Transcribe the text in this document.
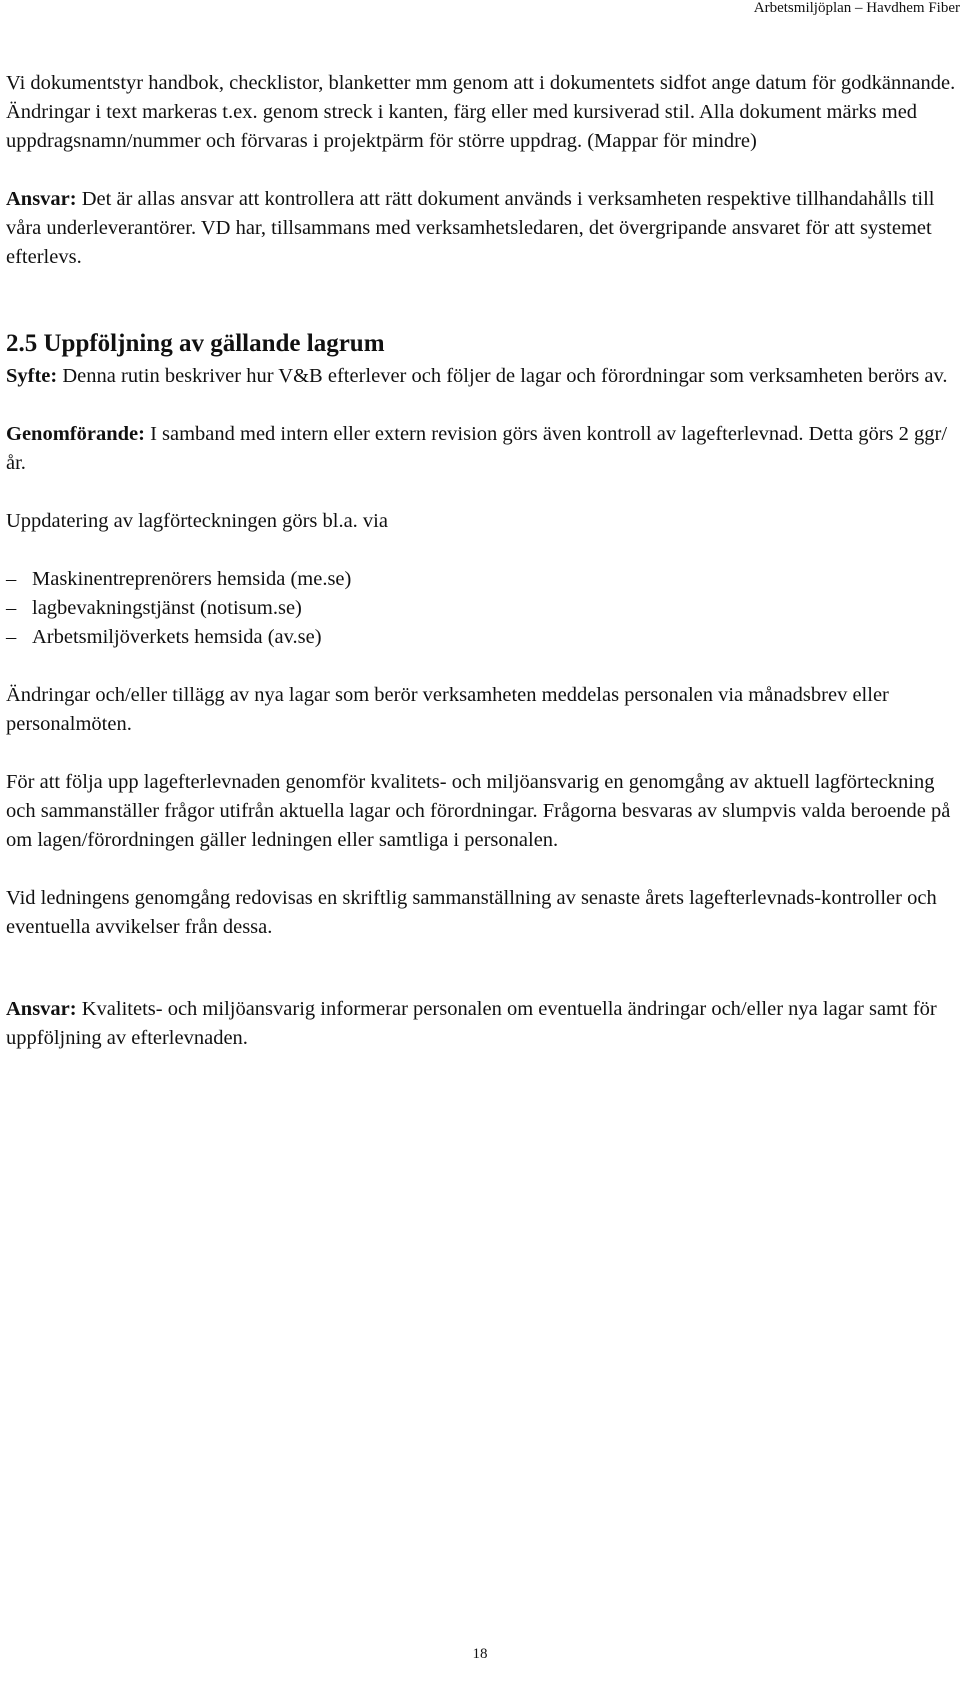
Arbetsmiljöplan – Havdhem Fiber

Vi dokumentstyr handbok, checklistor, blanketter mm genom att i dokumentets sidfot ange datum för godkännande. Ändringar i text markeras t.ex. genom streck i kanten, färg eller med kursiverad stil. Alla dokument märks med uppdragsnamn/nummer och förvaras i projektpärm för större uppdrag. (Mappar för mindre)

Ansvar: Det är allas ansvar att kontrollera att rätt dokument används i verksamheten respektive tillhandahålls till våra underleverantörer. VD har, tillsammans med verksamhetsledaren, det övergripande ansvaret för att systemet efterlevs.

2.5 Uppföljning av gällande lagrum

Syfte: Denna rutin beskriver hur V&B efterlever och följer de lagar och förordningar som verksamheten berörs av.

Genomförande: I samband med intern eller extern revision görs även kontroll av lagefterlevnad. Detta görs 2 ggr/år.

Uppdatering av lagförteckningen görs bl.a. via

– Maskinentreprenörers hemsida (me.se)
– lagbevakningstjänst (notisum.se)
– Arbetsmiljöverkets hemsida (av.se)

Ändringar och/eller tillägg av nya lagar som berör verksamheten meddelas personalen via månadsbrev eller personalmöten.

För att följa upp lagefterlevnaden genomför kvalitets- och miljöansvarig en genomgång av aktuell lagförteckning och sammanställer frågor utifrån aktuella lagar och förordningar. Frågorna besvaras av slumpvis valda beroende på om lagen/förordningen gäller ledningen eller samtliga i personalen.

Vid ledningens genomgång redovisas en skriftlig sammanställning av senaste årets lagefterlevnads-kontroller och eventuella avvikelser från dessa.

Ansvar: Kvalitets- och miljöansvarig informerar personalen om eventuella ändringar och/eller nya lagar samt för uppföljning av efterlevnaden.

18
